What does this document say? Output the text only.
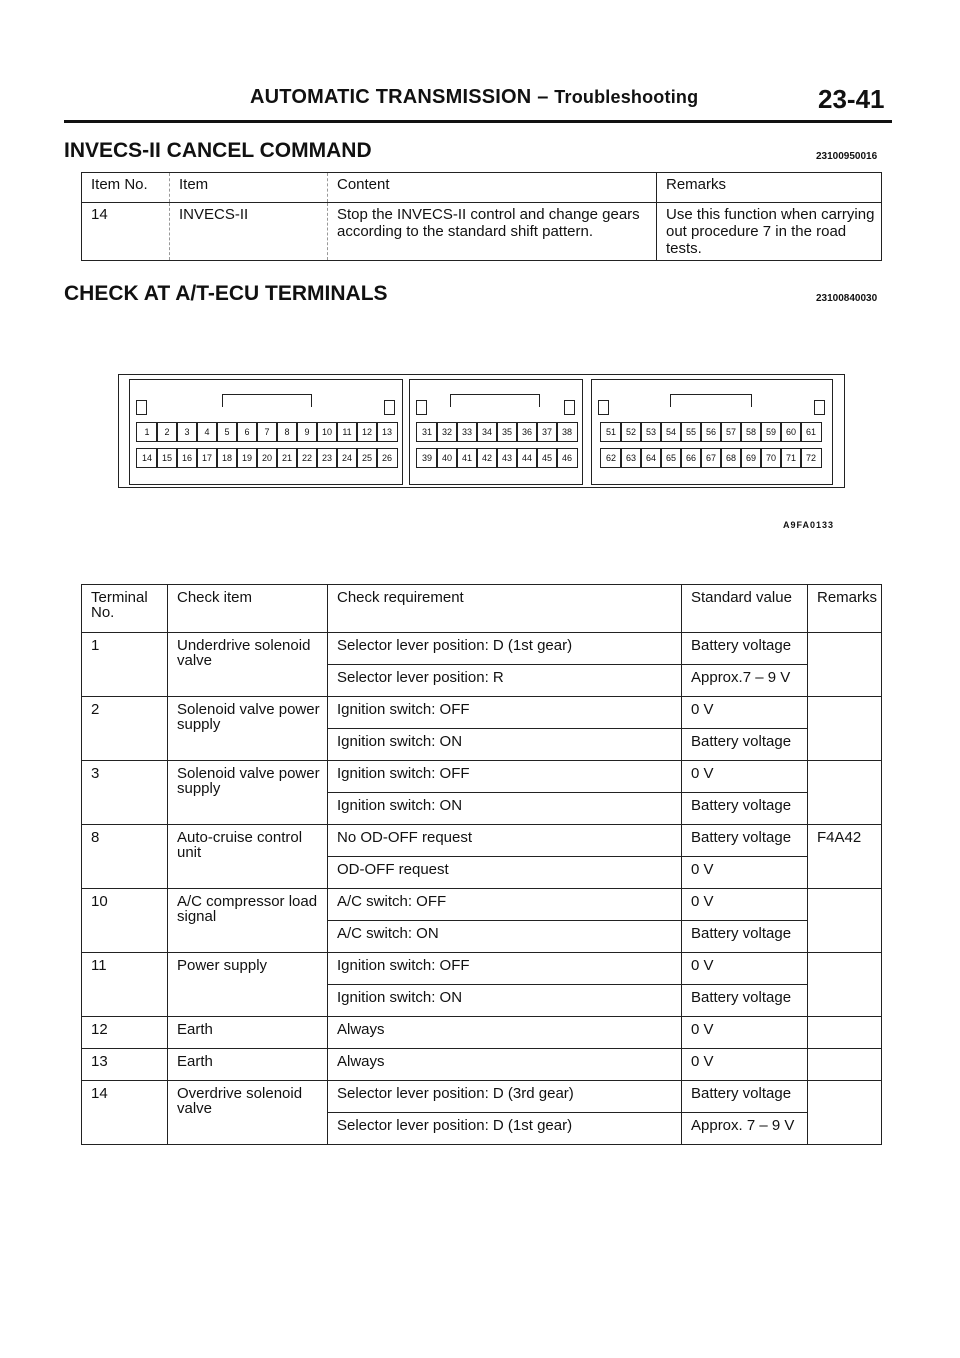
AUTOMATIC TRANSMISSION – Troubleshooting	23-41
INVECS-II CANCEL COMMAND	23100950016
Item No.	Item	Content	Remarks
14	INVECS-II	Stop the INVECS-II control and change gears according to the standard shift pattern.	Use this function when carrying out procedure 7 in the road tests.
CHECK AT A/T-ECU TERMINALS	23100840030
1	2	3	4	5	6	7	8	9	10	11	12	13
14	15	16	17	18	19	20	21	22	23	24	25	26
31	32	33	34	35	36	37	38
39	40	41	42	43	44	45	46
51	52	53	54	55	56	57	58	59	60	61
62	63	64	65	66	67	68	69	70	71	72
A9FA0133
Terminal No.	Check item	Check requirement	Standard value	Remarks
1	Underdrive solenoid valve	Selector lever position: D (1st gear)	Battery voltage	
		Selector lever position: R	Approx.7 – 9 V	
2	Solenoid valve power supply	Ignition switch: OFF	0 V	
		Ignition switch: ON	Battery voltage	
3	Solenoid valve power supply	Ignition switch: OFF	0 V	
		Ignition switch: ON	Battery voltage	
8	Auto-cruise control unit	No OD-OFF request	Battery voltage	F4A42
		OD-OFF request	0 V	
10	A/C compressor load signal	A/C switch: OFF	0 V	
		A/C switch: ON	Battery voltage	
11	Power supply	Ignition switch: OFF	0 V	
		Ignition switch: ON	Battery voltage	
12	Earth	Always	0 V	
13	Earth	Always	0 V	
14	Overdrive solenoid valve	Selector lever position: D (3rd gear)	Battery voltage	
		Selector lever position: D (1st gear)	Approx. 7 – 9 V	
